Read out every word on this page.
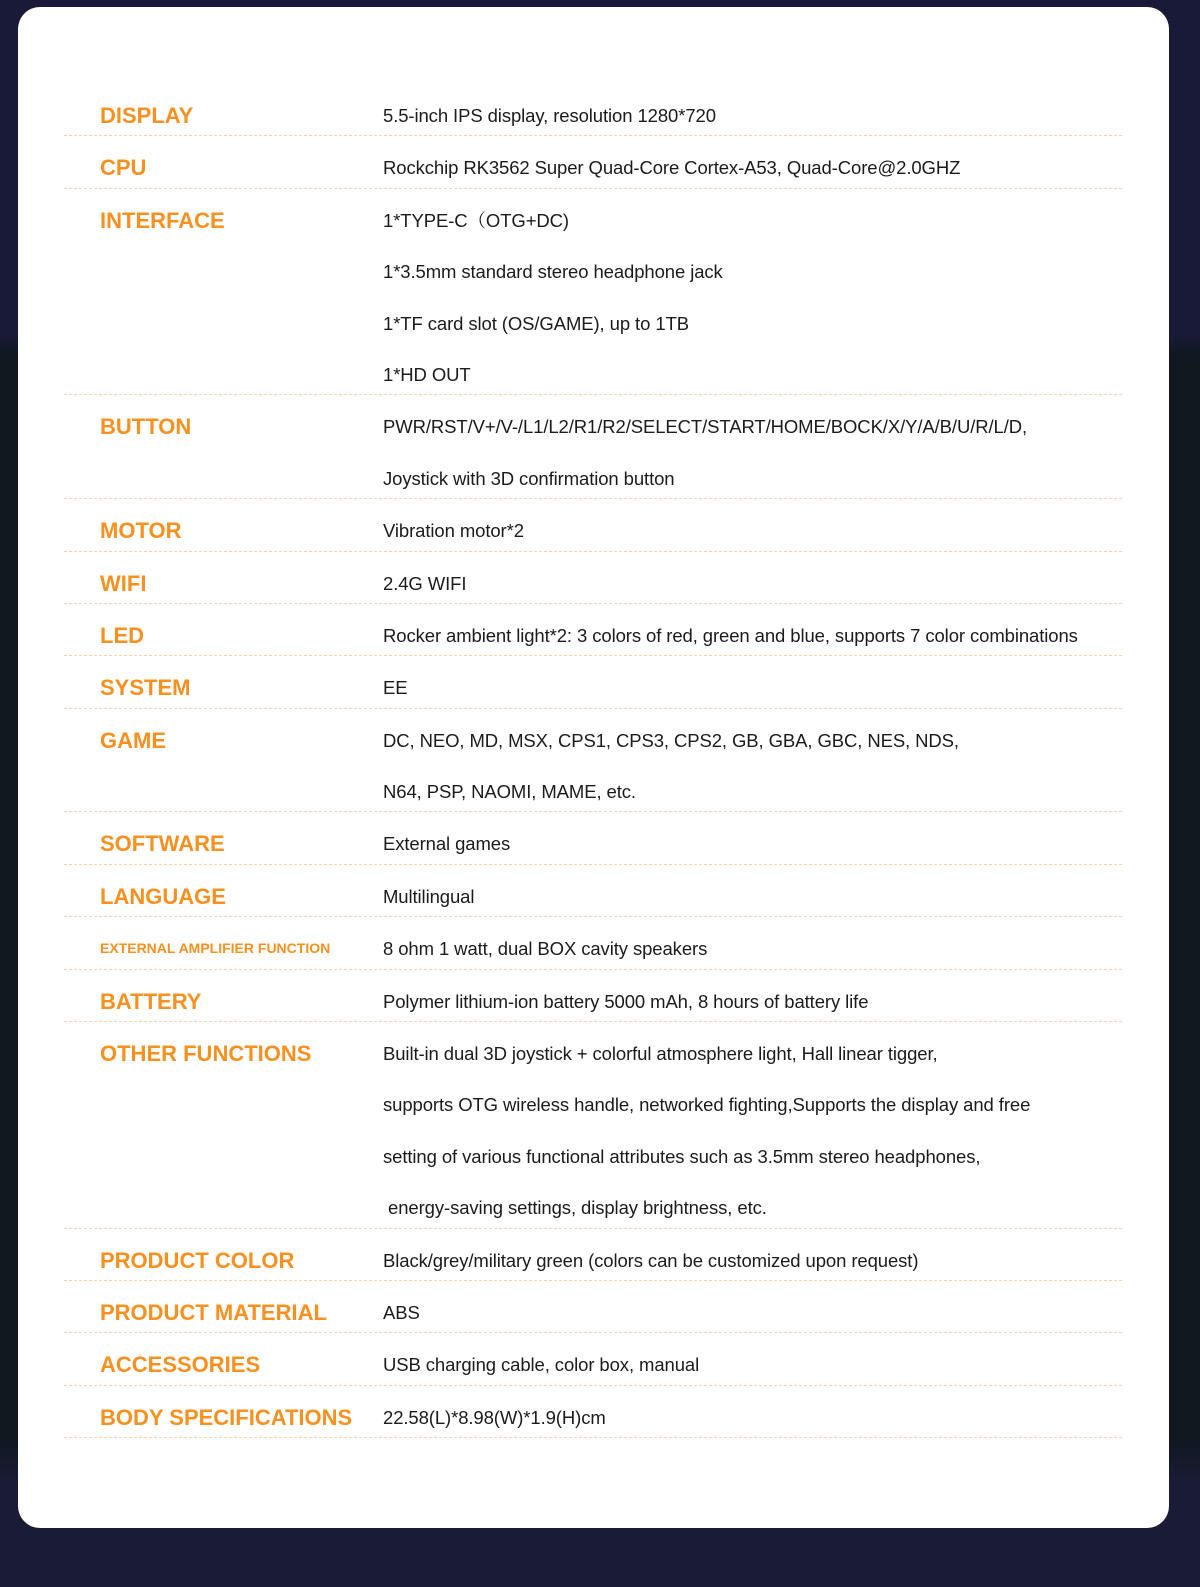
DISPLAY	5.5-inch IPS display, resolution 1280*720
CPU	Rockchip RK3562 Super Quad-Core Cortex-A53, Quad-Core@2.0GHZ
INTERFACE	1*TYPE-C（OTG+DC)
1*3.5mm standard stereo headphone jack
1*TF card slot (OS/GAME), up to 1TB
1*HD OUT
BUTTON	PWR/RST/V+/V-/L1/L2/R1/R2/SELECT/START/HOME/BOCK/X/Y/A/B/U/R/L/D,
Joystick with 3D confirmation button
MOTOR	Vibration motor*2
WIFI	2.4G WIFI
LED	Rocker ambient light*2: 3 colors of red, green and blue, supports 7 color combinations
SYSTEM	EE
GAME	DC, NEO, MD, MSX, CPS1, CPS3, CPS2, GB, GBA, GBC, NES, NDS,
N64, PSP, NAOMI, MAME, etc.
SOFTWARE	External games
LANGUAGE	Multilingual
EXTERNAL AMPLIFIER FUNCTION	8 ohm 1 watt, dual BOX cavity speakers
BATTERY	Polymer lithium-ion battery 5000 mAh, 8 hours of battery life
OTHER FUNCTIONS	Built-in dual 3D joystick + colorful atmosphere light, Hall linear tigger,
supports OTG wireless handle, networked fighting,Supports the display and free
setting of various functional attributes such as 3.5mm stereo headphones,
energy-saving settings, display brightness, etc.
PRODUCT COLOR	Black/grey/military green (colors can be customized upon request)
PRODUCT MATERIAL	ABS
ACCESSORIES	USB charging cable, color box, manual
BODY SPECIFICATIONS	22.58(L)*8.98(W)*1.9(H)cm
